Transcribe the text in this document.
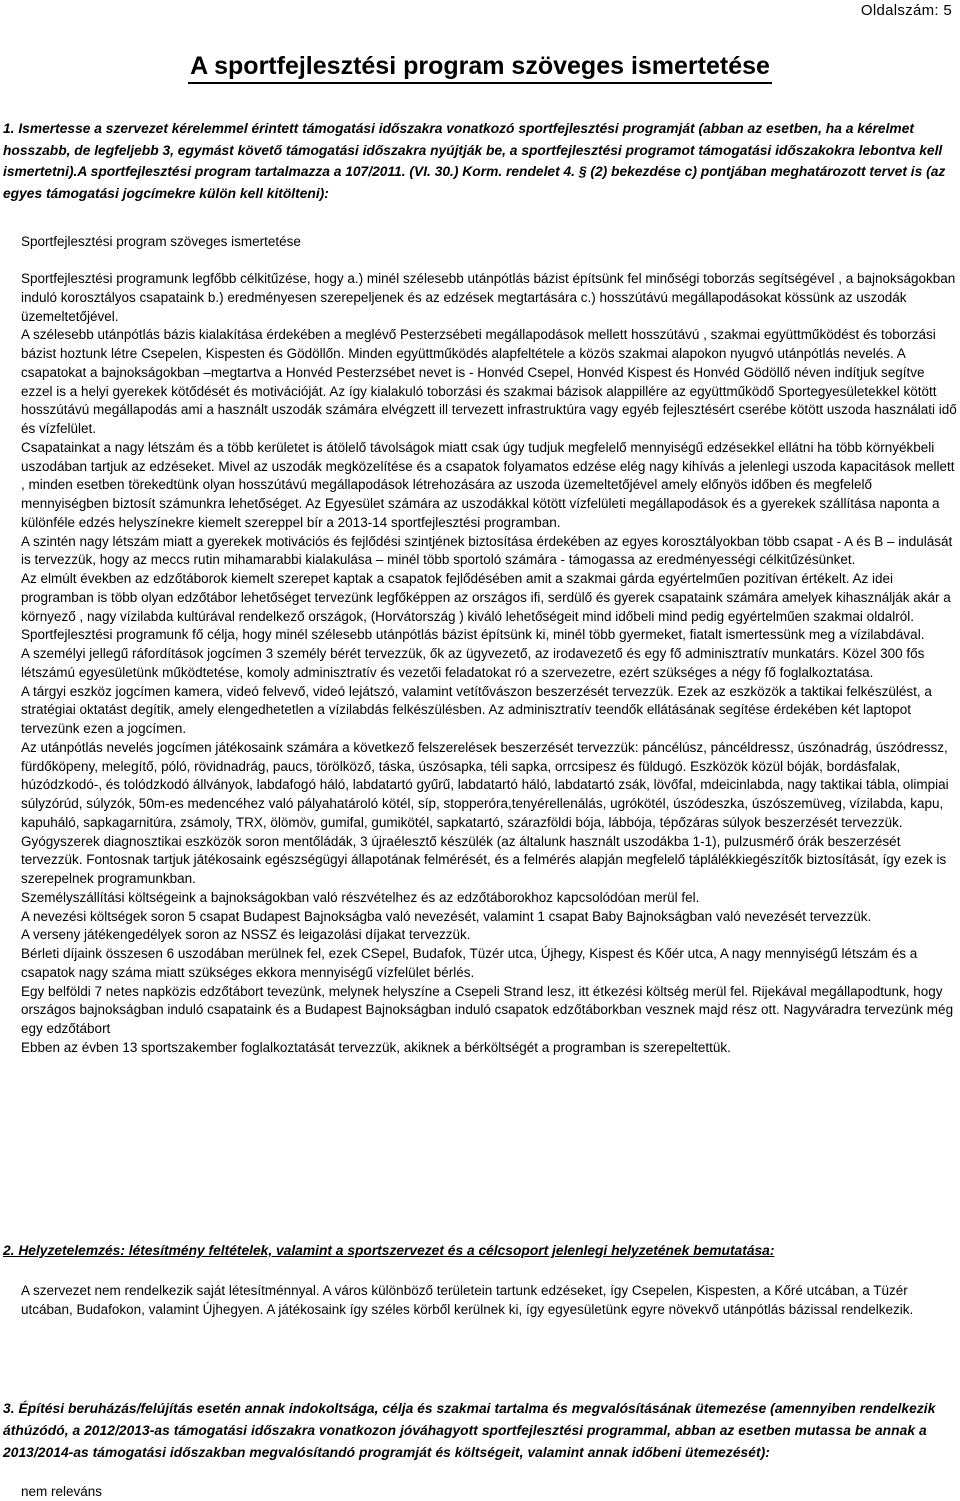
Oldalszám: 5
A sportfejlesztési program szöveges ismertetése
1. Ismertesse a szervezet kérelemmel érintett támogatási időszakra vonatkozó sportfejlesztési programját (abban az esetben, ha a kérelmet hosszabb, de legfeljebb 3, egymást követő támogatási időszakra nyújtják be, a sportfejlesztési programot támogatási időszakokra lebontva kell ismertetni).A sportfejlesztési program tartalmazza a 107/2011. (VI. 30.) Korm. rendelet 4. § (2) bekezdése c) pontjában meghatározott tervet is (az egyes támogatási jogcímekre külön kell kitölteni):
Sportfejlesztési program szöveges ismertetése

Sportfejlesztési programunk legfőbb célkitűzése, hogy a.) minél szélesebb utánpótlás bázist építsünk fel minőségi toborzás segítségével , a bajnokságokban induló korosztályos csapataink b.) eredményesen szerepeljenek és az edzések megtartására c.) hosszútávú megállapodásokat kössünk az uszodák üzemeltetőjével.

A szélesebb utánpótlás bázis kialakítása érdekében a meglévő Pesterzsébeti megállapodások mellett hosszútávú , szakmai együttműködést és toborzási bázist hoztunk létre Csepelen, Kispesten és Gödöllőn. Minden együttműködés alapfeltétele a közös szakmai alapokon nyugvó utánpótlás nevelés. A csapatokat a bajnokságokban –megtartva a Honvéd Pesterzsébet nevet is - Honvéd Csepel, Honvéd Kispest és Honvéd Gödöllő néven indítjuk segítve ezzel is a helyi gyerekek kötődését és motivációját. Az így kialakuló toborzási és szakmai bázisok alappillére az együttműködő Sportegyesületekkel kötött hosszútávú megállapodás ami a használt uszodák számára elvégzett ill tervezett infrastruktúra vagy egyéb fejlesztésért cserébe kötött uszoda használati idő és vízfelület.

Csapatainkat a nagy létszám és a több kerületet is átölelő távolságok miatt csak úgy tudjuk megfelelő mennyiségű edzésekkel ellátni ha több környékbeli uszodában tartjuk az edzéseket. Mivel az uszodák megközelítése és a csapatok folyamatos edzése elég nagy kihívás a jelenlegi uszoda kapacitások mellett , minden esetben törekedtünk olyan hosszútávú megállapodások létrehozására az uszoda üzemeltetőjével amely előnyös időben és megfelelő mennyiségben biztosít számunkra lehetőséget. Az Egyesület számára az uszodákkal kötött vízfelületi megállapodások és a gyerekek szállítása naponta a különféle edzés helyszínekre kiemelt szereppel bír a 2013-14 sportfejlesztési programban.

A szintén nagy létszám miatt a gyerekek motivációs és fejlődési szintjének biztosítása érdekében az egyes korosztályokban több csapat - A és B – indulását is tervezzük, hogy az meccs rutin mihamarabbi kialakulása – minél több sportoló számára - támogassa az eredményességi célkitűzésünket.

Az elmúlt években az edzőtáborok kiemelt szerepet kaptak a csapatok fejlődésében amit a szakmai gárda egyértelműen pozitívan értékelt. Az idei programban is több olyan edzőtábor lehetőséget tervezünk legfőképpen az országos ifi, serdülő és gyerek csapataink számára amelyek kihasználják akár a környező , nagy vízilabda kultúrával rendelkező országok, (Horvátország ) kiváló lehetőségeit mind időbeli mind pedig egyértelműen szakmai oldalról.

Sportfejlesztési programunk fő célja, hogy minél szélesebb utánpótlás bázist építsünk ki, minél több gyermeket, fiatalt ismertessünk meg a vízilabdával.

A személyi jellegű ráfordítások jogcímen 3 személy bérét tervezzük, ők az ügyvezető, az irodavezető és egy fő adminisztratív munkatárs. Közel 300 fős létszámú egyesületünk működtetése, komoly adminisztratív és vezetői feladatokat ró a szervezetre, ezért szükséges a négy fő foglalkoztatása.

A tárgyi eszköz jogcímen kamera, videó felvevő, videó lejátszó, valamint vetítővászon beszerzését tervezzük. Ezek az eszközök a taktikai felkészülést, a stratégiai oktatást degítik, amely elengedhetetlen a vízilabdás felkészülésben. Az adminisztratív teendők ellátásának segítése érdekében két laptopot tervezünk ezen a jogcímen.

Az utánpótlás nevelés jogcímen játékosaink számára a következő felszerelések beszerzését tervezzük: páncélúsz, páncéldressz, úszónadrág, úszódressz, fürdőköpeny, melegítő, póló, rövidnadrág, paucs, törölköző, táska, úszósapka, téli sapka, orrcsipesz és füldugó. Eszközök közül bóják, bordásfalak, húzódzkodó-, és tolódzkodó állványok, labdafogó háló, labdatartó gyűrű, labdatartó háló, labdatartó zsák, lövőfal, mdeicinlabda, nagy taktikai tábla, olimpiai súlyzórúd, súlyzók, 50m-es medencéhez való pályahatároló kötél, síp, stopperóra,tenyérellenálás, ugrókötél, úszódeszka, úszószemüveg, vízilabda, kapu, kapuháló, sapkagarnitúra, zsámoly, TRX, ölömöv, gumifal, gumikötél, sapkatartó, szárazföldi bója, lábbója, tépőzáras súlyok beszerzését tervezzük.

Gyógyszerek diagnosztikai eszközök soron mentőládák, 3 újraélesztő készülék (az általunk használt uszodákba 1-1), pulzusmérő órák beszerzését tervezzük. Fontosnak tartjuk játékosaink egészségügyi állapotának felmérését, és a felmérés alapján megfelelő táplálékkiegészítők biztosítását, így ezek is szerepelnek programunkban.

Személyszállítási költségeink a bajnokságokban való részvételhez és az edzőtáborokhoz kapcsolódóan merül fel.

A nevezési költségek soron 5 csapat Budapest Bajnokságba való nevezését, valamint 1 csapat Baby Bajnokságban való nevezését tervezzük.

A verseny játékengedélyek soron az NSSZ és leigazolási díjakat tervezzük.

Bérleti díjaink összesen 6 uszodában merülnek fel, ezek CSepel, Budafok, Tüzér utca, Újhegy, Kispest és Kőér utca, A nagy mennyiségű létszám és a csapatok nagy száma miatt szükséges ekkora mennyiségű vízfelület bérlés.

Egy belföldi 7 netes napközis edzőtábort tevezünk, melynek helyszíne a Csepeli Strand lesz, itt étkezési költség merül fel. Rijekával megállapodtunk, hogy országos bajnokságban induló csapataink és a Budapest Bajnokságban induló csapatok edzőtáborkban vesznek majd rész ott. Nagyváradra tervezünk még egy edzőtábort

Ebben az évben 13 sportszakember foglalkoztatását tervezzük, akiknek a bérköltségét a programban is szerepeltettük.

2. Helyzetelemzés: létesítmény feltételek, valamint a sportszervezet és a célcsoport jelenlegi helyzetének bemutatása:

A szervezet nem rendelkezik saját létesítménnyal. A város különböző területein tartunk edzéseket, így Csepelen, Kispesten, a Kőré utcában, a Tüzér utcában, Budafokon, valamint Újhegyen. A játékosaink így széles körből kerülnek ki, így egyesületünk egyre növekvő utánpótlás bázissal rendelkezik.

3. Építési beruházás/felújítás esetén annak indokoltsága, célja és szakmai tartalma és megvalósításának ütemezése (amennyiben rendelkezik áthúzódó, a 2012/2013-as támogatási időszakra vonatkozon jóváhagyott sportfejlesztési programmal, abban az esetben mutassa be annak a 2013/2014-as támogatási időszakban megvalósítandó programját és költségeit, valamint annak időbeni ütemezését):
nem releváns
